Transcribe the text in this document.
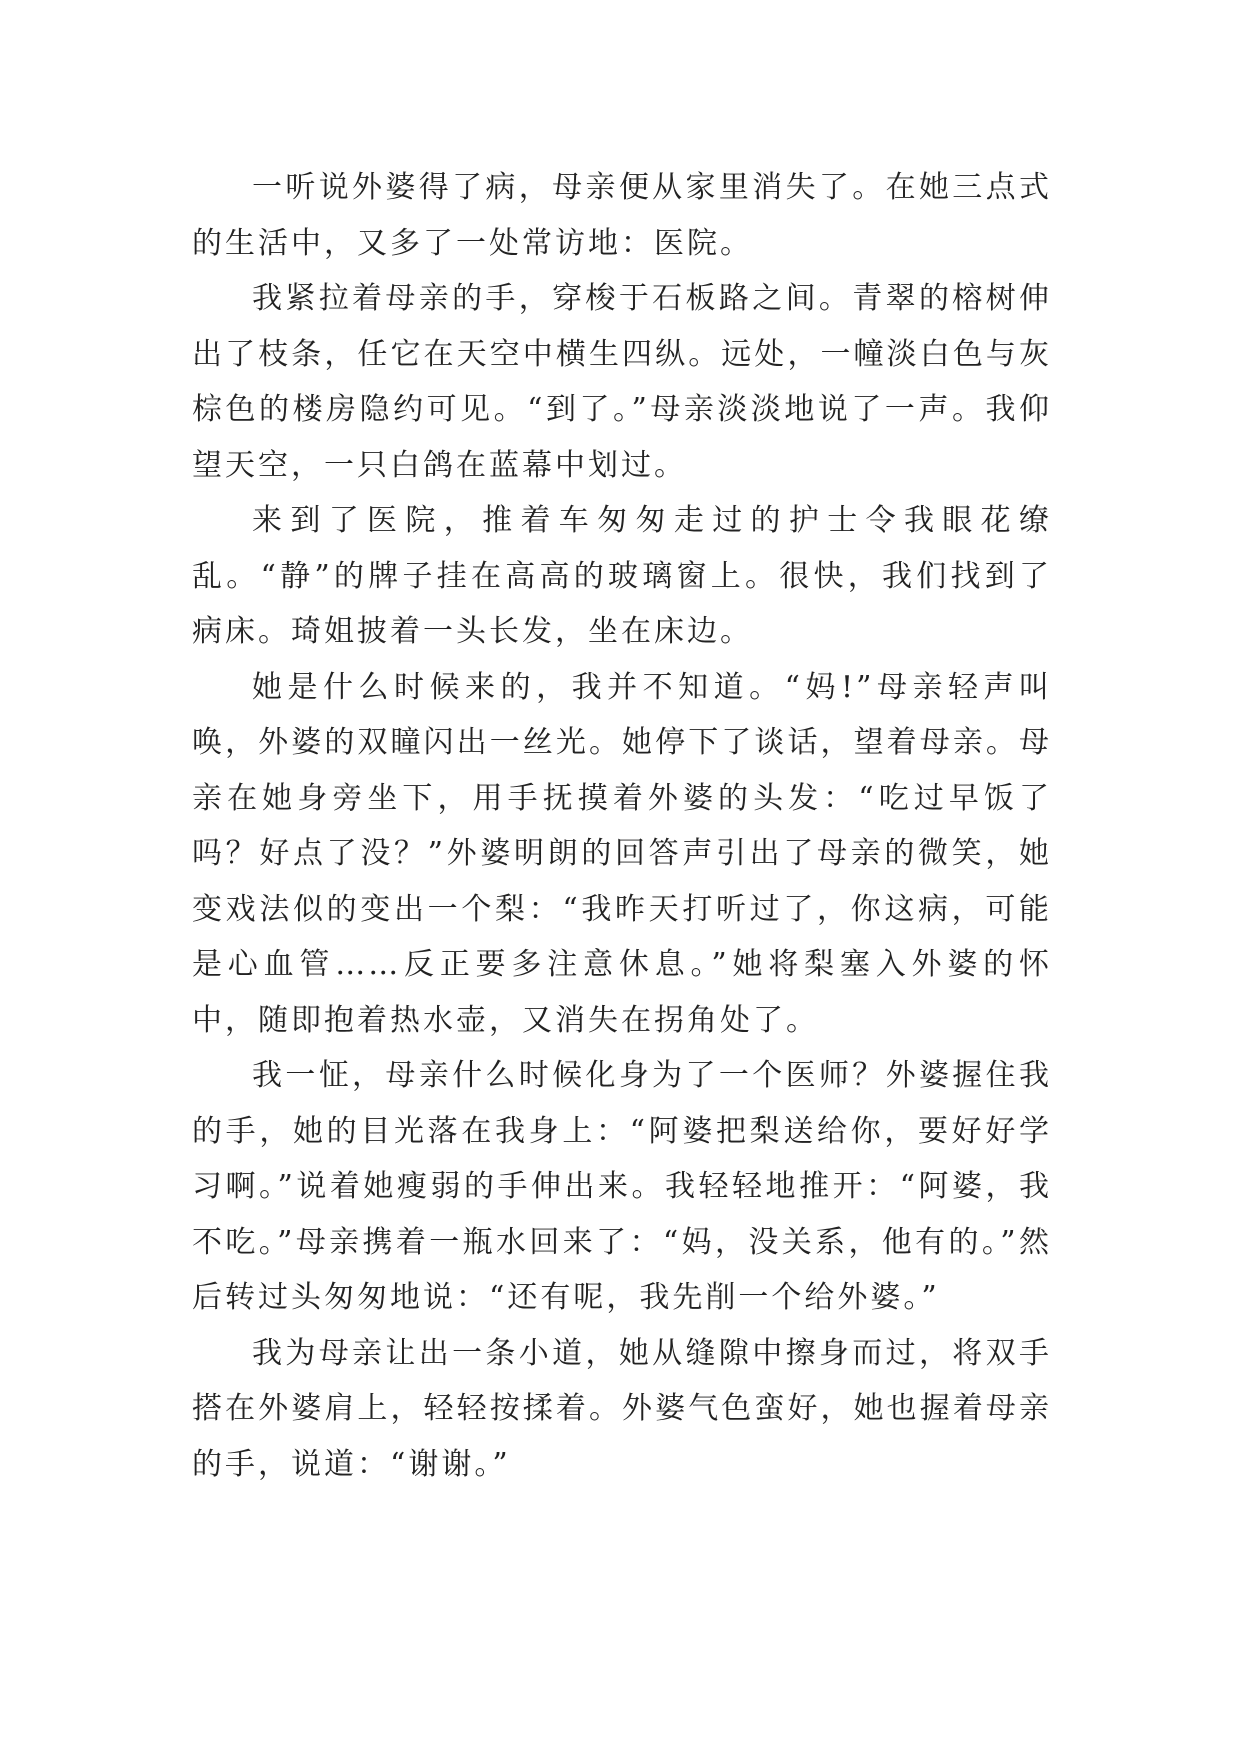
一听说外婆得了病，母亲便从家里消失了。在她三点式的生活中，又多了一处常访地：医院。

我紧拉着母亲的手，穿梭于石板路之间。青翠的榕树伸出了枝条，任它在天空中横生四纵。远处，一幢淡白色与灰棕色的楼房隐约可见。“到了。”母亲淡淡地说了一声。我仰望天空，一只白鸽在蓝幕中划过。

来到了医院，推着车匆匆走过的护士令我眼花缭乱。“静”的牌子挂在高高的玻璃窗上。很快，我们找到了病床。琦姐披着一头长发，坐在床边。

她是什么时候来的，我并不知道。“妈!”母亲轻声叫唤，外婆的双瞳闪出一丝光。她停下了谈话，望着母亲。母亲在她身旁坐下，用手抚摸着外婆的头发：“吃过早饭了吗？好点了没？”外婆明朗的回答声引出了母亲的微笑，她变戏法似的变出一个梨：“我昨天打听过了，你这病，可能是心血管……反正要多注意休息。”她将梨塞入外婆的怀中，随即抱着热水壶，又消失在拐角处了。

我一怔，母亲什么时候化身为了一个医师？外婆握住我的手，她的目光落在我身上：“阿婆把梨送给你，要好好学习啊。”说着她瘦弱的手伸出来。我轻轻地推开：“阿婆，我不吃。”母亲携着一瓶水回来了：“妈，没关系，他有的。”然后转过头匆匆地说：“还有呢，我先削一个给外婆。”

我为母亲让出一条小道，她从缝隙中擦身而过，将双手搭在外婆肩上，轻轻按揉着。外婆气色蛮好，她也握着母亲的手，说道：“谢谢。”
